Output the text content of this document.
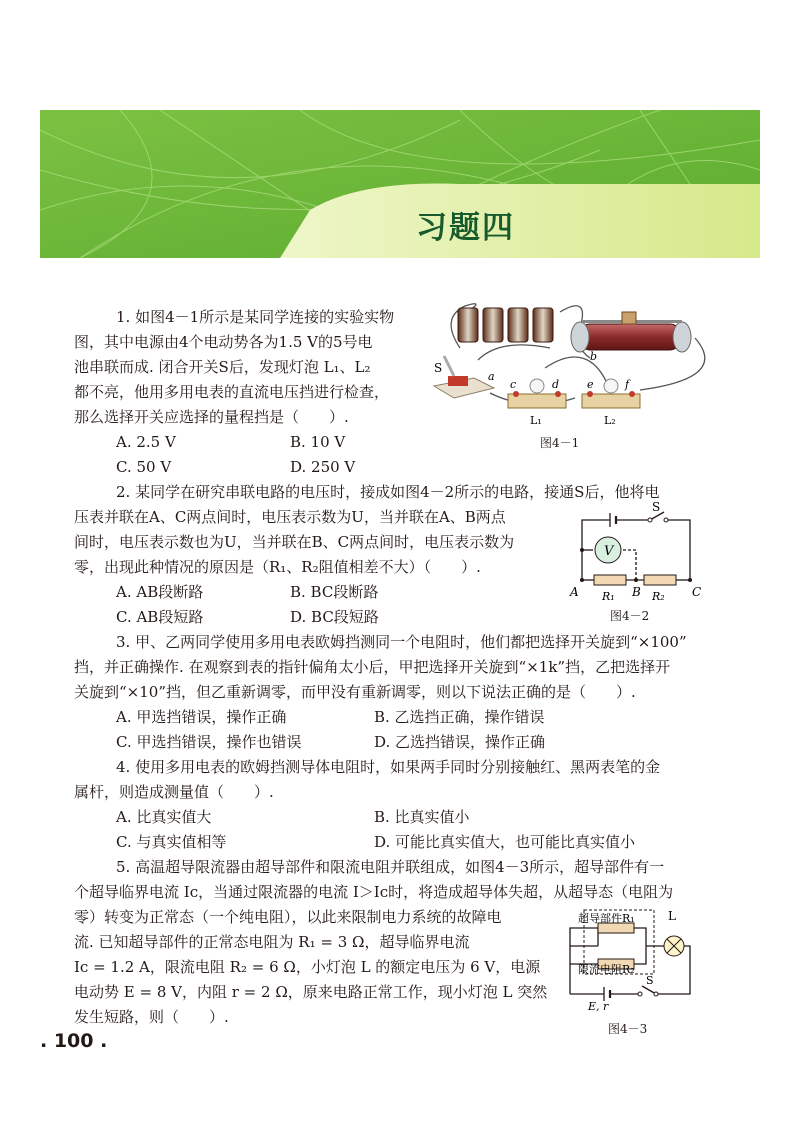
习题四
1. 如图4－1所示是某同学连接的实验实物
图，其中电源由4个电动势各为1.5 V的5号电
池串联而成. 闭合开关S后，发现灯泡 L₁、L₂
都不亮，他用多用电表的直流电压挡进行检查，
那么选择开关应选择的量程挡是（　　）.
A. 2.5 V	B. 10 V
C. 50 V	D. 250 V
S
a
b
c	d	e	f
L₁	L₂
图4－1
2. 某同学在研究串联电路的电压时，接成如图4－2所示的电路，接通S后，他将电
压表并联在A、C两点间时，电压表示数为U，当并联在A、B两点
间时，电压表示数也为U，当并联在B、C两点间时，电压表示数为
零，出现此种情况的原因是（R₁、R₂阻值相差不大）（　　）.
A. AB段断路	B. BC段断路
C. AB段短路	D. BC段短路
V
S
A	B	C
R₁	R₂
图4－2
3. 甲、乙两同学使用多用电表欧姆挡测同一个电阻时，他们都把选择开关旋到“×100”
挡，并正确操作. 在观察到表的指针偏角太小后，甲把选择开关旋到“×1k”挡，乙把选择开
关旋到“×10”挡，但乙重新调零，而甲没有重新调零，则以下说法正确的是（　　）.
A. 甲选挡错误，操作正确	B. 乙选挡正确，操作错误
C. 甲选挡错误，操作也错误	D. 乙选挡错误，操作正确
4. 使用多用电表的欧姆挡测导体电阻时，如果两手同时分别接触红、黑两表笔的金
属杆，则造成测量值（　　）.
A. 比真实值大	B. 比真实值小
C. 与真实值相等	D. 可能比真实值大，也可能比真实值小
5. 高温超导限流器由超导部件和限流电阻并联组成，如图4－3所示，超导部件有一
个超导临界电流 Iᴄ，当通过限流器的电流 I＞Iᴄ时，将造成超导体失超，从超导态（电阻为
零）转变为正常态（一个纯电阻），以此来限制电力系统的故障电
流. 已知超导部件的正常态电阻为 R₁ = 3 Ω，超导临界电流
Iᴄ = 1.2 A，限流电阻 R₂ = 6 Ω，小灯泡 L 的额定电压为 6 V，电源
电动势 E = 8 V，内阻 r = 2 Ω，原来电路正常工作，现小灯泡 L 突然
发生短路，则（　　）.
超导部件R₁
限流电阻R₂
L
E, r
S
图4－3
. 100 .
